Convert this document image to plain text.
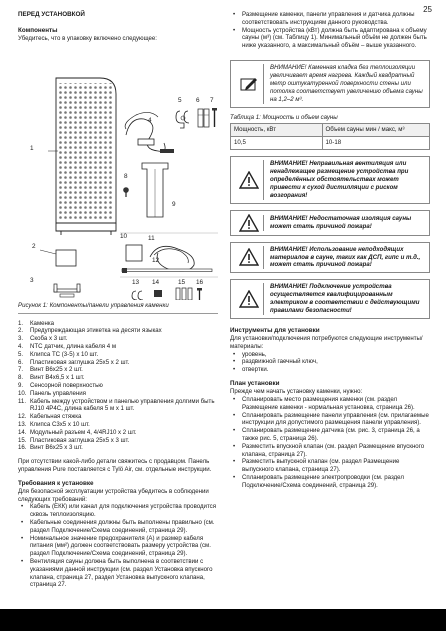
25
ПЕРЕД УСТАНОВКОЙ
Компоненты

Убедитесь, что в упаковку включено следующее:

1
2
3
4
5 6 7
8
9
10	11
12
13 14	15 16
Рисунок 1: Компоненты/панели управления каменки
1.	Каменка
2.	Предупреждающая этикетка на десяти языках
3.	Скоба x 3 шт.
4.	NTC датчик, длина кабеля 4 м
5.	Клипса TC (3-5) x 10 шт.
6.	Пластиковая заглушка 25x5 x 2 шт.
7.	Винт B6x25 x 2 шт.
8.	Винт B4x6,5 x 1 шт.
9.	Сенсорной поверхностью
10. Панель управления
11. Кабель между устройством и панелью управления долгими быть RJ10 4P4C, длина кабеля 5 м x 1 шт.
12. Кабельная стяжка
13. Клипса C3x5 x 10 шт.
14. Модульный разъем 4, 4/4RJ10 x 2 шт.
15. Пластиковая заглушка 25x5 x 3 шт.
16. Винт B6x25 x 3 шт.

При отсутствии какой-либо детали свяжитесь с продавцом. Панель управления Pure поставляется с Tylö Air, см. отдельные инструкции.

Требования к установке

Для безопасной эксплуатации устройства убедитесь в соблюдении следующих требований:

• Кабель (ЕКК) или канал для подключения устройства проводится сквозь теплоизоляцию.
• Кабельные соединения должны быть выполнены правильно (см. раздел Подключение/Схема соединений, страница 29).
• Номинальное значение предохранителя (А) и размер кабеля питания (мм²) должен соответствовать размеру устройства (см. раздел Подключение/Схема соединений, страница 29).
• Вентиляция сауны должна быть выполнена в соответствии с указаниями данной инструкции (см. раздел Установка впускного клапана, страница 27, раздел Установка выпускного клапана, страница 27.
• Размещение каменки, панели управления и датчика должны соответствовать инструкциям данного руководства.
• Мощность устройства (кВт) должна быть адаптирована к объему сауны (м³) (см. Таблицу 1). Минимальный объём не должен быть ниже указанного, а максимальный объём – выше указанного.
ВНИМАНИЕ! Каменная кладка без теплоизоляции увеличивает время нагрева. Каждый квадратный метр оштукатуренной поверхности стены или потолка соответствует увеличению объема сауны на 1,2–2 м³.
Таблица 1: Мощность и объем сауны
Мощность, кВт	Объем сауны мин / макс, м³
10,5	10-18
ВНИМАНИЕ! Неправильная вентиляция или ненадлежащее размещение устройства при определённых обстоятельствах может привести к сухой дистилляции с риском возгорания!
ВНИМАНИЕ! Недостаточная изоляция сауны может стать причиной пожара!
ВНИМАНИЕ! Использование неподходящих материалов в сауне, таких как ДСП, гипс и т.д., может стать причиной пожара!
ВНИМАНИЕ! Подключение устройства осуществляется квалифицированным электриком в соответствии с действующими правилами безопасности!
Инструменты для установки

Для установки/подключения потребуются следующие инструменты/материалы:

• уровень,
• раздвижной гаечный ключ,
• отвертки.
План установки

Прежде чем начать установку каменки, нужно:

• Спланировать место размещения каменки (см. раздел Размещение каменки - нормальная установка, страница 26).
• Спланировать размещение панели управления (см. прилагаемые инструкции для допустимого размещения панели управления).
• Спланировать размещение датчика (см. рис. 3, страница 26, а также рис. 5, страница 26).
• Разместить впускной клапан (см. раздел Размещение впускного клапана, страница 27).
• Разместить выпускной клапан (см. раздел Размещение выпускного клапана, страница 27).
• Спланировать размещение электропроводки (см. раздел Подключение/Схема соединений, страница 29).
